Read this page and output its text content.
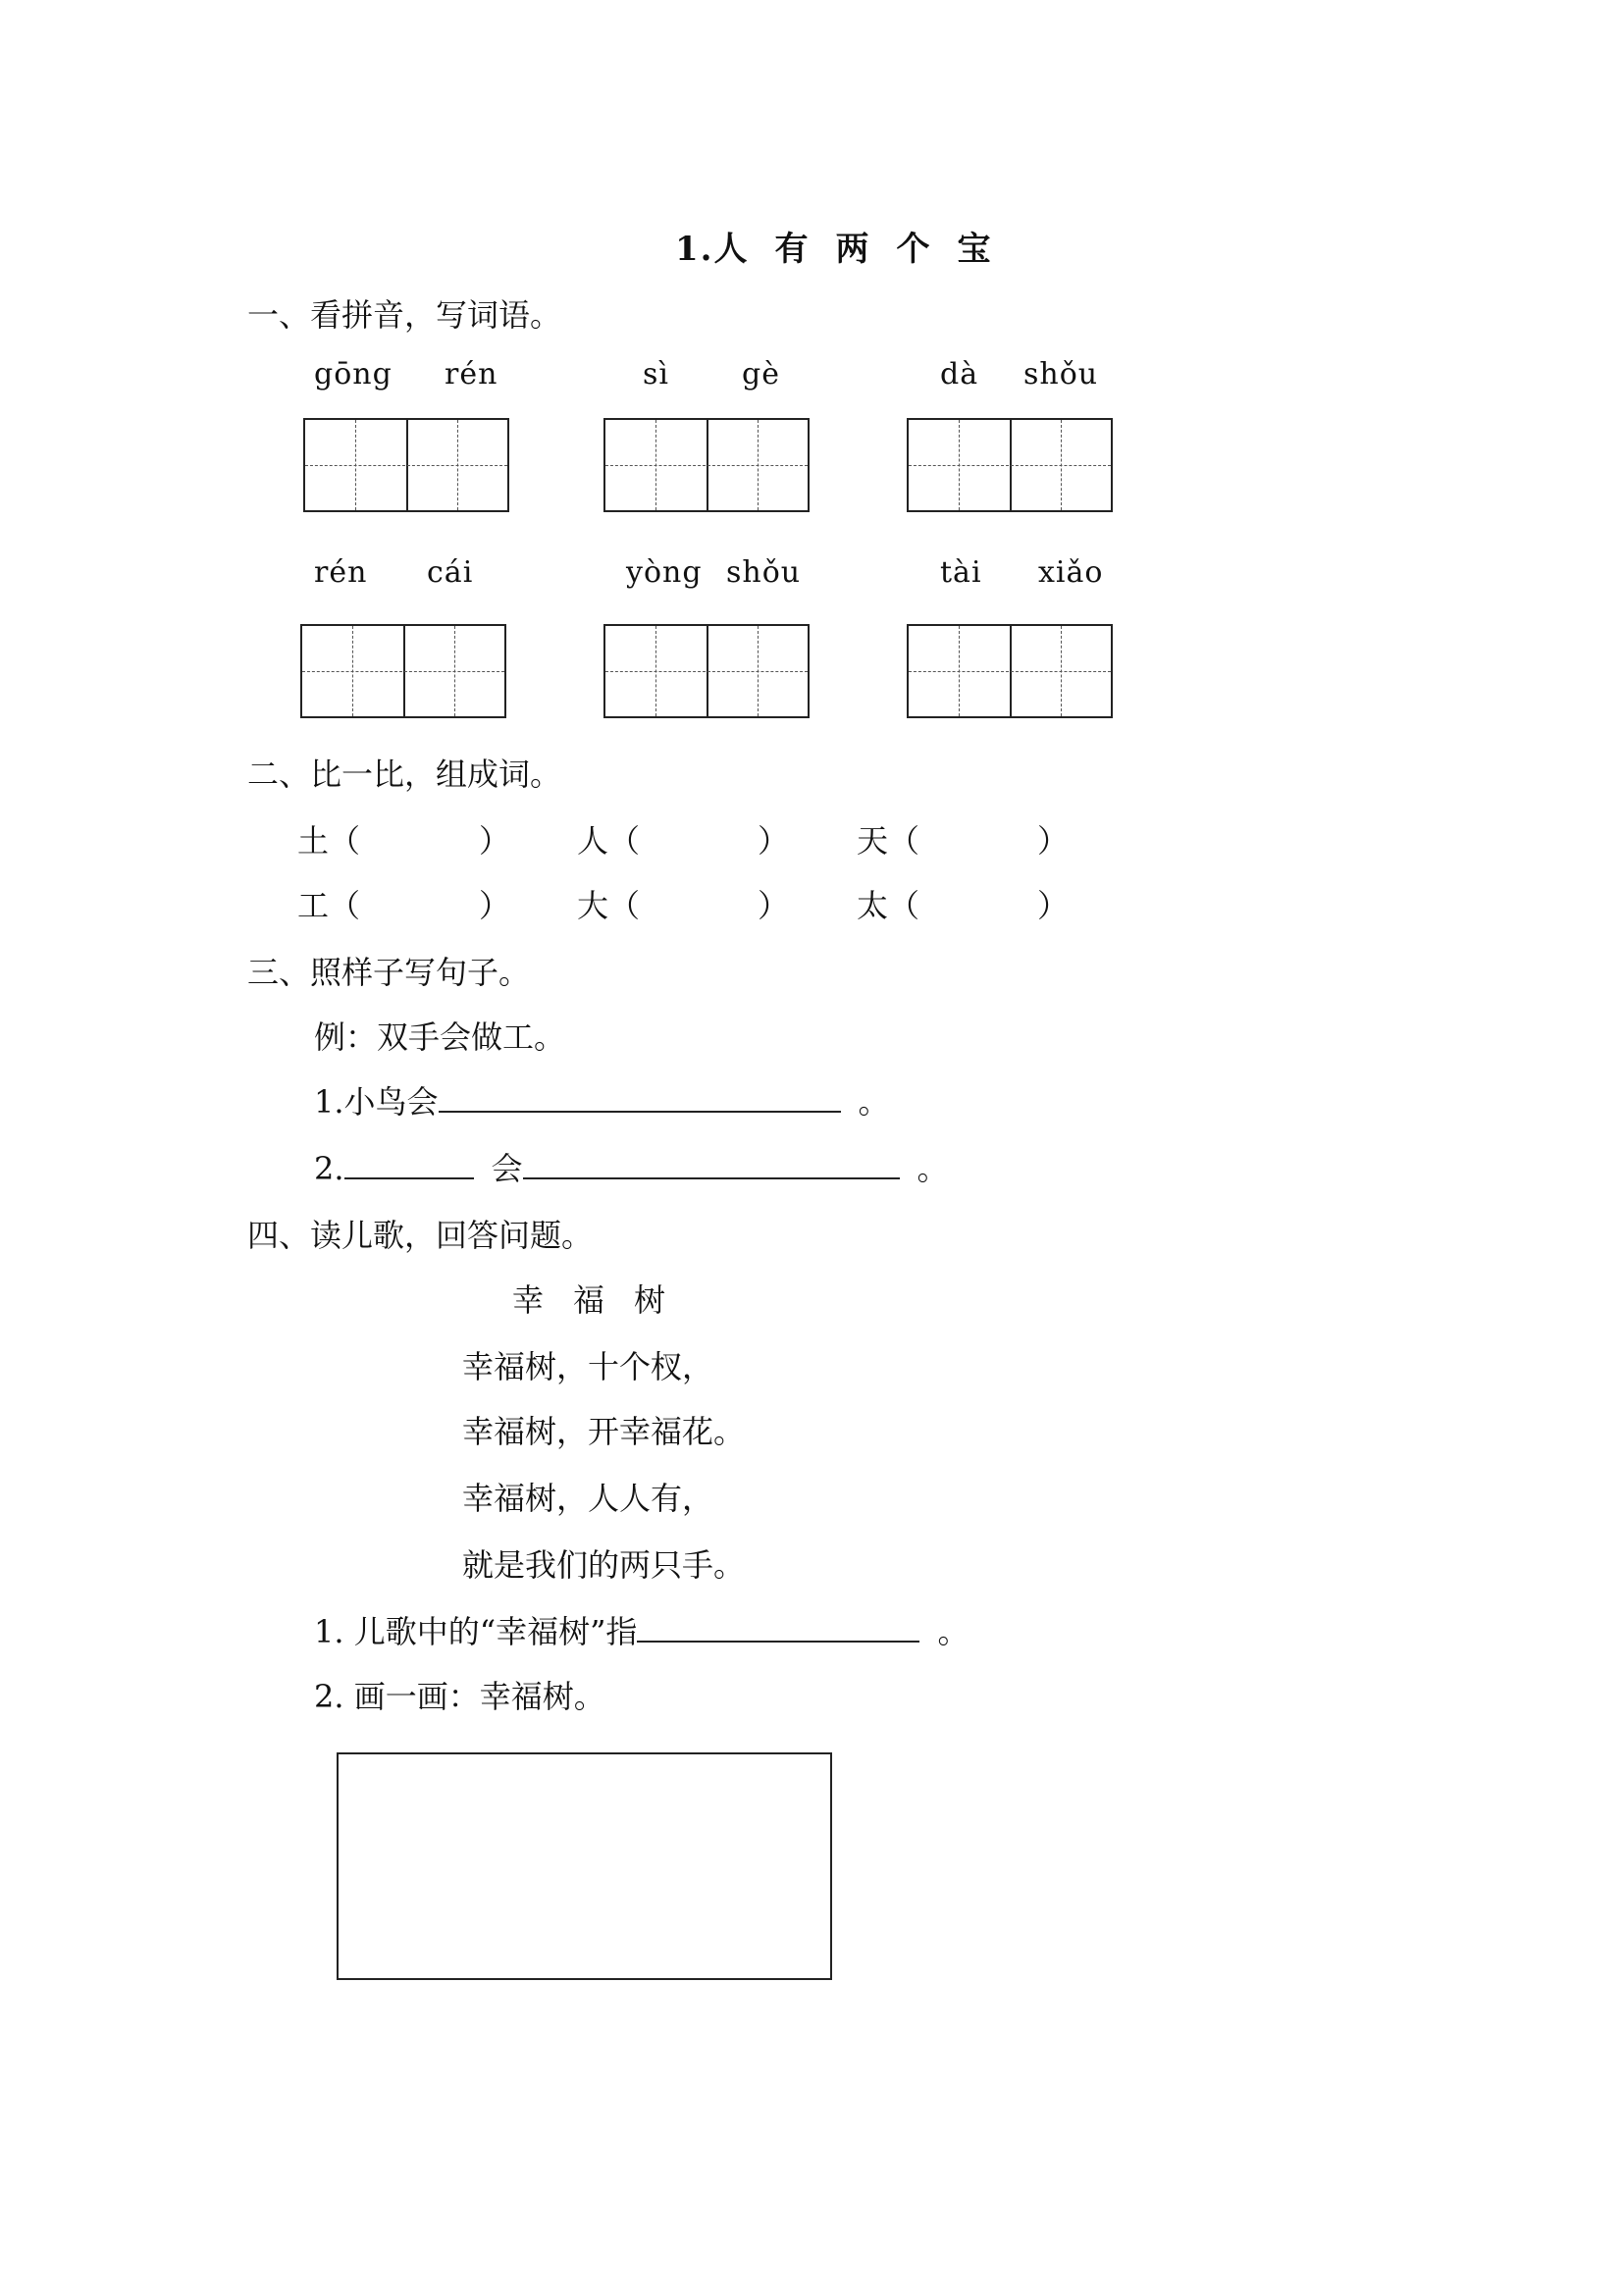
1.人 有 两 个 宝
一、看拼音，写词语。
gōng rén	sì gè	dà shǒu
rén cái	yòng shǒu	tài xiǎo
二、比一比，组成词。
土（	） 人（	） 天（	）
工（	） 大（	） 太（	）
三、照样子写句子。
例：双手会做工。
1.小鸟会	。
2.	会	。
四、读儿歌，回答问题。
幸 福 树
幸福树，十个杈，
幸福树，开幸福花。
幸福树，人人有，
就是我们的两只手。
1. 儿歌中的“幸福树”指	。
2. 画一画：幸福树。
